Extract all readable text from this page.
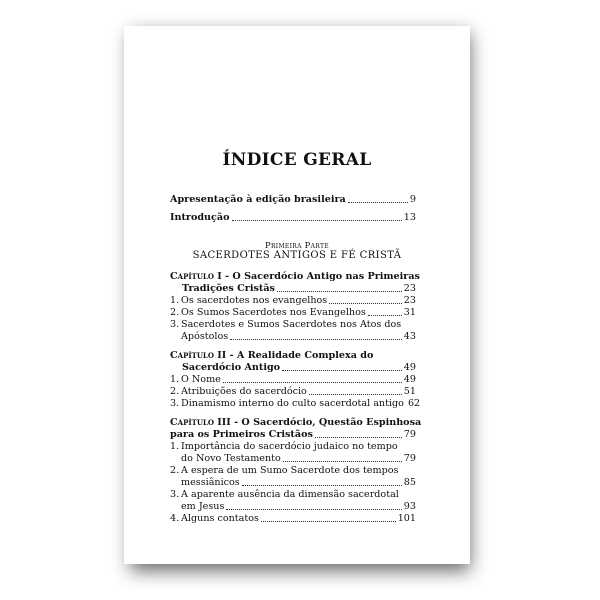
ÍNDICE GERAL
Apresentação à edição brasileira	9
Introdução	13
Primeira Parte
SACERDOTES ANTIGOS E FÉ CRISTÃ
Capítulo I - O Sacerdócio Antigo nas Primeiras
Tradições Cristãs	23
1. Os sacerdotes nos evangelhos	23
2. Os Sumos Sacerdotes nos Evangelhos	31
3. Sacerdotes e Sumos Sacerdotes nos Atos dos
Apóstolos	43
Capítulo II - A Realidade Complexa do
Sacerdócio Antigo	49
1. O Nome	49
2. Atribuições do sacerdócio	51
3. Dinamismo interno do culto sacerdotal antigo 62
Capítulo III - O Sacerdócio, Questão Espinhosa
para os Primeiros Cristãos	79
1. Importância do sacerdócio judaico no tempo
do Novo Testamento	79
2. A espera de um Sumo Sacerdote dos tempos
messiânicos	85
3. A aparente ausência da dimensão sacerdotal
em Jesus	93
4. Alguns contatos	101
